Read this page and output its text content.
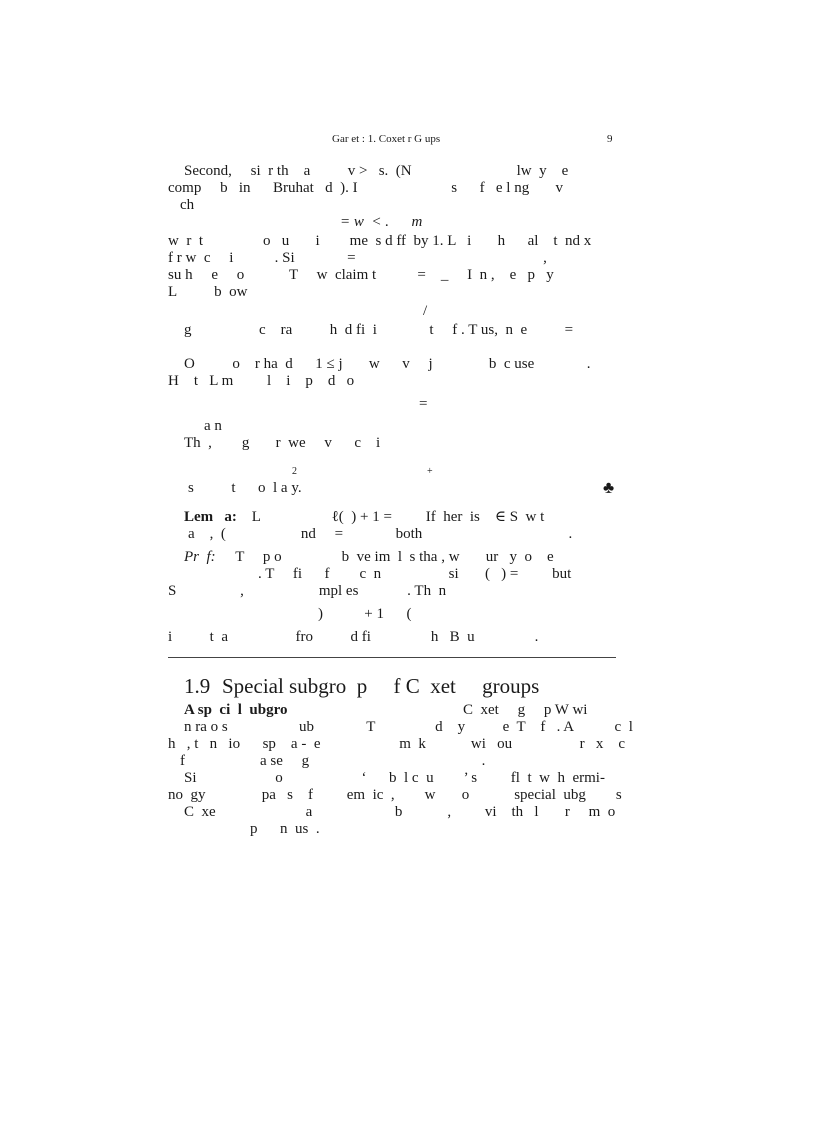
Gar et : 1. Coxet r G ups	9
Second,     si  r th    a          v >   s.  (N                            lw  y    e
comp     b   in      Bruhat   d  ). I                         s      f   e l ng       v
ch
= w  < .      m
w  r  t                o   u       i        me  s d ff  by 1. L   i       h      al    t  nd x
f r w  c     i           . Si              =                                                  ,
su h     e     o            T     w  claim t           =    _     I  n ,    e   p   y
L          b  ow
/
g                  c    ra          h  d fi  i              t     f . T us,  n  e          =
O          o    r ha  d      1 ≤ j       w      v     j               b  c use              .
H    t   L m         l    i    p    d   o
=
a n
Th  ,        g       r  we     v      c    i
2                                                    +
s          t      o  l a y.	♣
Lem   a: L                   ℓ(  ) + 1 =         If  her  is    ∈ S  w t
a    ,  (                    nd     =              both                                       .
Pr  f: T     p o                b  ve im  l  s tha , w       ur   y  o    e
. T     fi      f        c  n                  si       (   ) =         but
S                 ,                    mpl es             . Th  n
)           + 1      (
i          t  a                  fro          d fi                h   B  u                .
1.9 Special subgro  p     f C  xet     groups
A sp  ci  l  ubgro C  xet     g     p W wi
n ra o s                   ub              T                d    y          e  T    f   . A           c  l
h   , t   n   io      sp    a -  e                     m  k            wi   ou                  r   x    c
f                    a se     g                                              .
Si                     o                     ‘      b  l c  u        ’ s         fl  t  w  h  ermi-
no  gy               pa   s    f         em  ic  ,        w       o            special  ubg        s
C  xe                        a                      b            ,         vi    th   l       r     m  o
p      n  us  .
